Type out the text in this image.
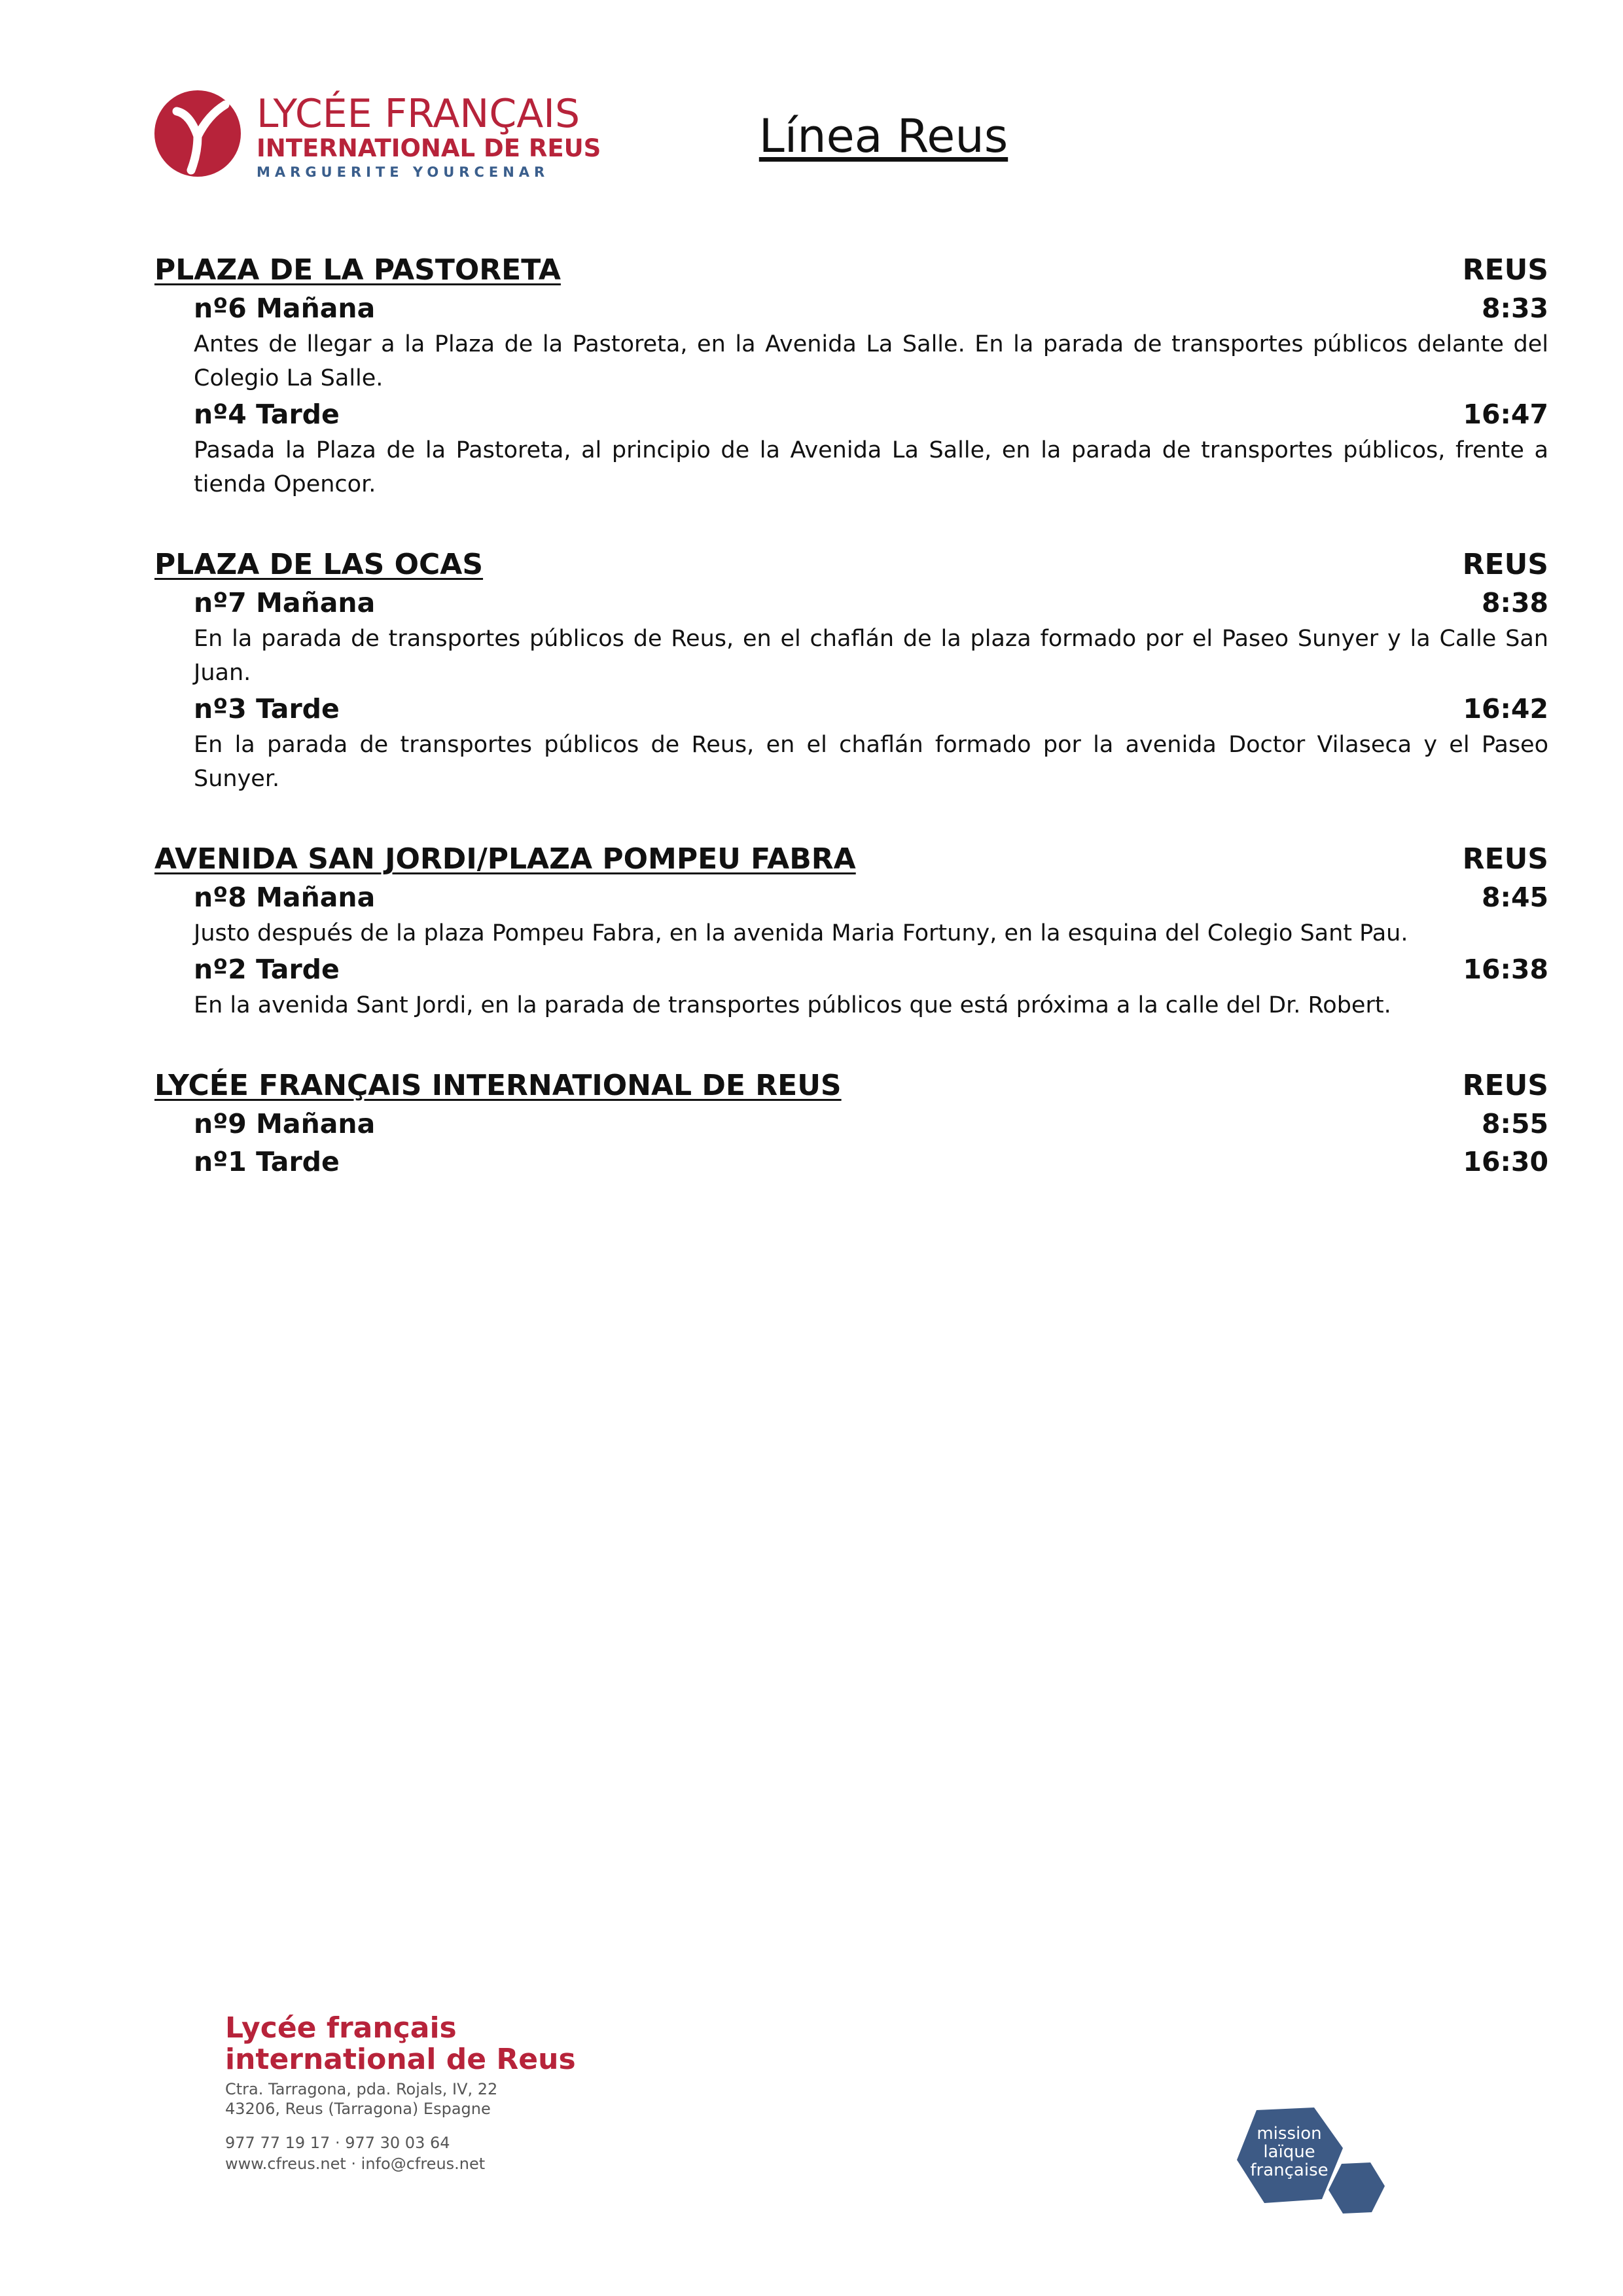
LYCÉE FRANÇAIS
INTERNATIONAL DE REUS
MARGUERITE YOURCENAR
Línea Reus
PLAZA DE LA PASTORETA	REUS
nº6 Mañana	8:33

Antes de llegar a la Plaza de la Pastoreta, en la Avenida La Salle. En la parada de transportes públicos delante del Colegio La Salle.

nº4 Tarde	16:47

Pasada la Plaza de la Pastoreta, al principio de la Avenida La Salle, en la parada de transportes públicos, frente a tienda Opencor.

PLAZA DE LAS OCAS	REUS
nº7 Mañana	8:38

En la parada de transportes públicos de Reus, en el chaflán de la plaza formado por el Paseo Sunyer y la Calle San Juan.

nº3 Tarde	16:42

En la parada de transportes públicos de Reus, en el chaflán formado por la avenida Doctor Vilaseca y el Paseo Sunyer.

AVENIDA SAN JORDI/PLAZA POMPEU FABRA	REUS
nº8 Mañana	8:45

Justo después de la plaza Pompeu Fabra, en la avenida Maria Fortuny, en la esquina del Colegio Sant Pau.

nº2 Tarde	16:38

En la avenida Sant Jordi, en la parada de transportes públicos que está próxima a la calle del Dr. Robert.

LYCÉE FRANÇAIS INTERNATIONAL DE REUS	REUS
nº9 Mañana	8:55
nº1 Tarde	16:30
Lycée français
international de Reus
Ctra. Tarragona, pda. Rojals, IV, 22
43206, Reus (Tarragona) Espagne
977 77 19 17 · 977 30 03 64
www.cfreus.net · info@cfreus.net
mission
laïque
française
